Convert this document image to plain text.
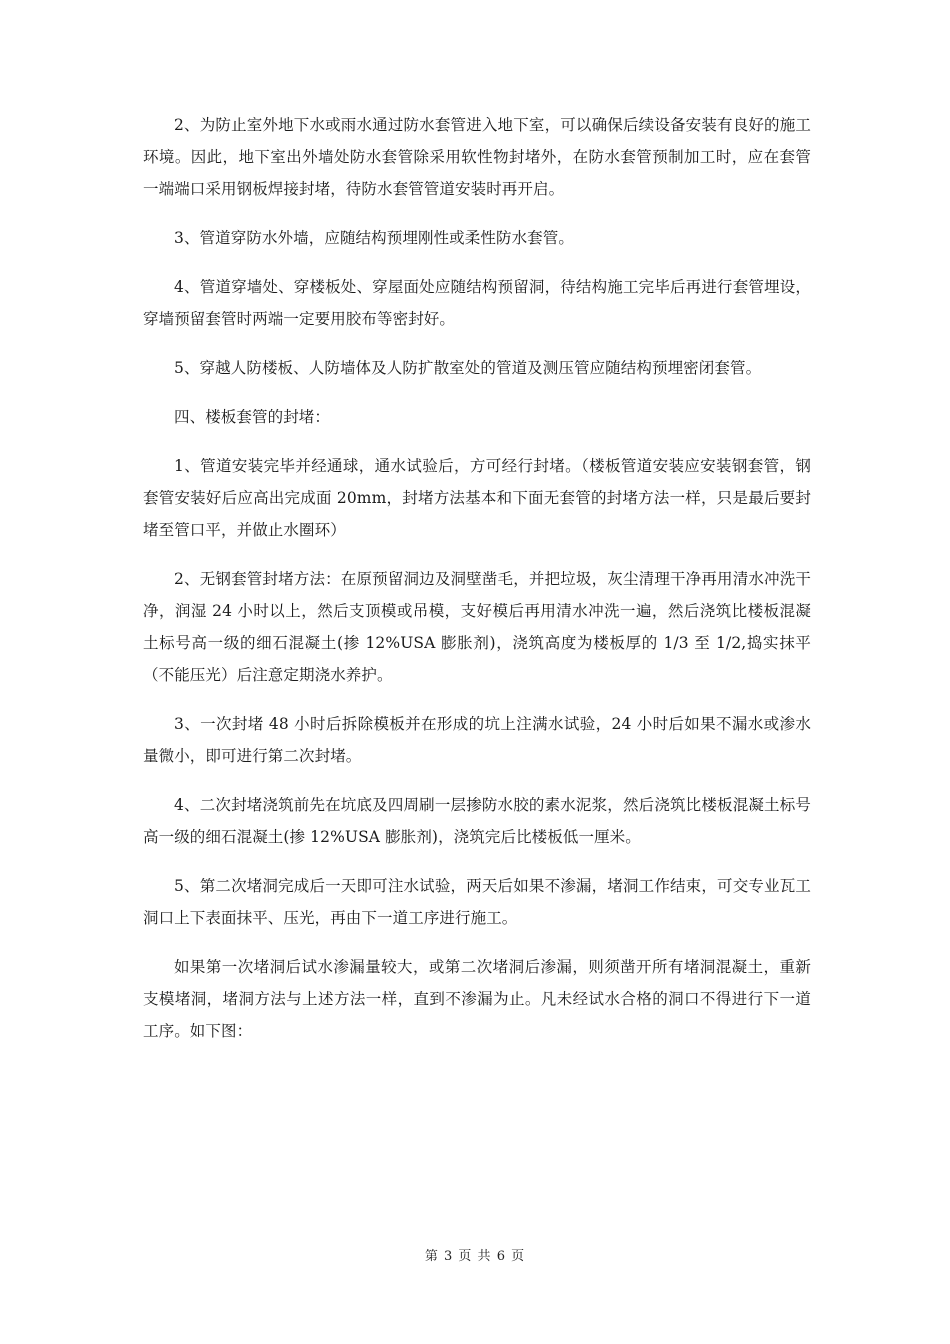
2、为防止室外地下水或雨水通过防水套管进入地下室，可以确保后续设备安装有良好的施工环境。因此，地下室出外墙处防水套管除采用软性物封堵外，在防水套管预制加工时，应在套管一端端口采用钢板焊接封堵，待防水套管管道安装时再开启。

3、管道穿防水外墙，应随结构预埋刚性或柔性防水套管。

4、管道穿墙处、穿楼板处、穿屋面处应随结构预留洞，待结构施工完毕后再进行套管埋设，穿墙预留套管时两端一定要用胶布等密封好。

5、穿越人防楼板、人防墙体及人防扩散室处的管道及测压管应随结构预埋密闭套管。

四、楼板套管的封堵：

1、管道安装完毕并经通球，通水试验后，方可经行封堵。（楼板管道安装应安装钢套管，钢套管安装好后应高出完成面 20mm，封堵方法基本和下面无套管的封堵方法一样，只是最后要封堵至管口平，并做止水圈环）

2、无钢套管封堵方法：在原预留洞边及洞壁凿毛，并把垃圾，灰尘清理干净再用清水冲洗干净，润湿 24 小时以上，然后支顶模或吊模，支好模后再用清水冲洗一遍，然后浇筑比楼板混凝土标号高一级的细石混凝土(掺 12%USA 膨胀剂)，浇筑高度为楼板厚的 1/3 至 1/2,捣实抹平（不能压光）后注意定期浇水养护。

3、一次封堵 48 小时后拆除模板并在形成的坑上注满水试验，24 小时后如果不漏水或渗水量微小，即可进行第二次封堵。

4、二次封堵浇筑前先在坑底及四周刷一层掺防水胶的素水泥浆，然后浇筑比楼板混凝土标号高一级的细石混凝土(掺 12%USA 膨胀剂)，浇筑完后比楼板低一厘米。

5、第二次堵洞完成后一天即可注水试验，两天后如果不渗漏，堵洞工作结束，可交专业瓦工洞口上下表面抹平、压光，再由下一道工序进行施工。

如果第一次堵洞后试水渗漏量较大，或第二次堵洞后渗漏，则须凿开所有堵洞混凝土，重新支模堵洞，堵洞方法与上述方法一样，直到不渗漏为止。凡未经试水合格的洞口不得进行下一道工序。如下图：

第 3 页 共 6 页
